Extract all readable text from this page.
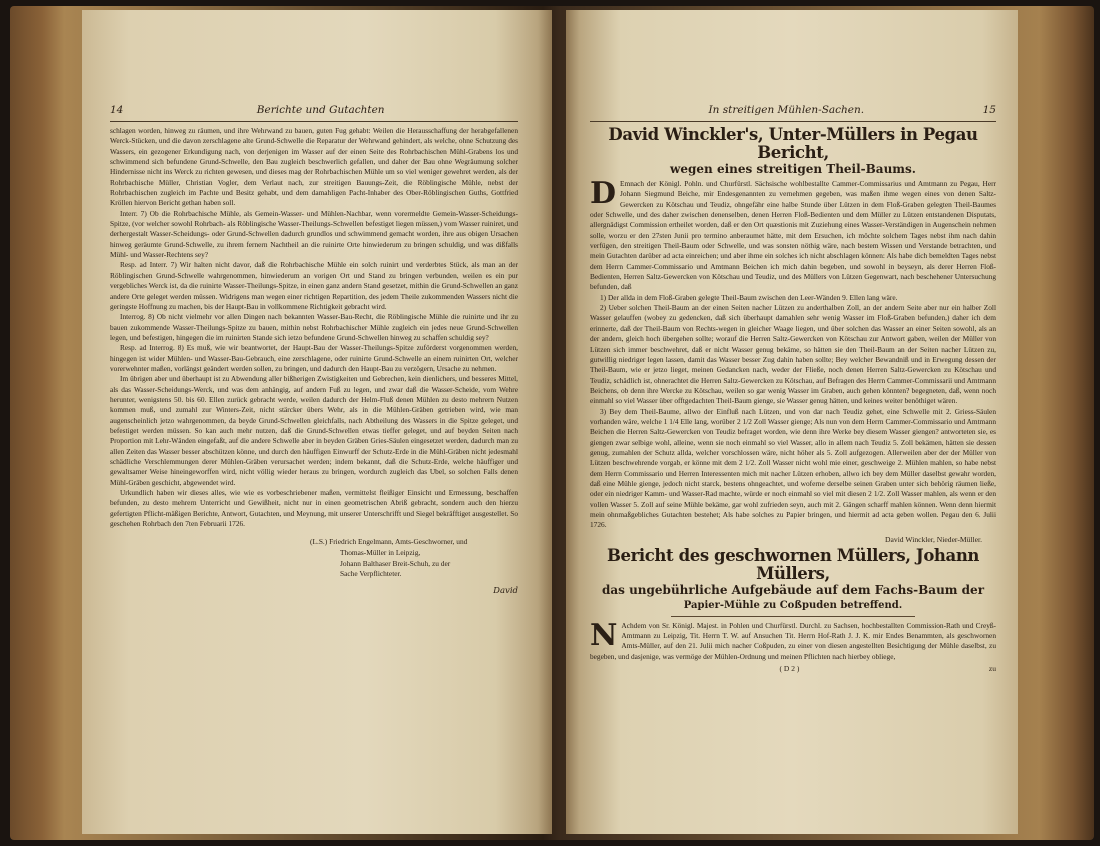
14	Berichte und Gutachten

schlagen worden, hinweg zu räumen, und ihre Wehrwand zu bauen, guten Fug gehabt: Weilen die Herausschaffung der herabgefallenen Werck-Stücken, und die davon zerschlagene alte Grund-Schwelle die Reparatur der Wehrwand gehindert, als welche, ohne Schutzung des Wassers, ein gezogener Erkundigung nach, von derjenigen im Wasser auf der einen Seite des Rohrbachischen Mühl-Grabens los und schwimmend sich befundene Grund-Schwelle, den Bau zugleich beschwerlich gefallen, und daher der Bau ohne Wegräumung solcher Hindernisse nicht ins Werck zu richten gewesen, und dieses mag der Rohrbachischen Mühle um so viel weniger gewehret werden, als der Rohrbachische Müller, Christian Vogler, dem Verlaut nach, zur streitigen Bauungs-Zeit, die Röblingische Mühle, nebst der Rohrbachischen zugleich im Pachte und Besitz gehabt, und dem damahligen Pacht-Inhaber des Ober-Röblingischen Guths, Gottfried Kröllen hiervon Bericht gethan haben soll.

Interr. 7) Ob die Rohrbachische Mühle, als Gemein-Wasser- und Mühlen-Nachbar, wenn vorermeldte Gemein-Wasser-Scheidungs-Spitze, (vor welcher sowohl Rohrbach- als Röblingische Wasser-Theilungs-Schwellen befestiget liegen müssen,) vom Wasser ruiniret, und derhergestalt Wasser-Scheidungs- oder Grund-Schwellen dadurch grundlos und schwimmend gemacht worden, ihre aus obigen Ursachen hinweg geräumte Grund-Schwelle, zu ihrem fernern Nachtheil an die ruinirte Orte hinwiederum zu bringen schuldig, und was dißfalls Mühl- und Wasser-Rechtens sey?

Resp. ad Interr. 7) Wir halten nicht davor, daß die Rohrbachische Mühle ein solch ruinirt und verderbtes Stück, als man an der Röblingischen Grund-Schwelle wahrgenommen, hinwiederum an vorigen Ort und Stand zu bringen verbunden, weilen es ein pur vergebliches Werck ist, da die ruinirte Wasser-Theilungs-Spitze, in einen ganz andern Stand gesetzet, mithin die Grund-Schwellen an ganz andere Orte geleget werden müssen. Widrigens man wegen einer richtigen Repartition, des jedem Theile zukommenden Wassers nicht die geringste Hoffnung zu machen, bis der Haupt-Bau in vollkommene Richtigkeit gebracht wird.

Interrog. 8) Ob nicht vielmehr vor allen Dingen nach bekannten Wasser-Bau-Recht, die Röblingische Mühle die ruinirte und ihr zu bauen zukommende Wasser-Theilungs-Spitze zu bauen, mithin nebst Rohrbachischer Mühle zugleich ein jedes neue Grund-Schwellen legen, und befestigen, hingegen die im ruinirten Stande sich ietzo befundene Grund-Schwellen hinweg zu schaffen schuldig sey?

Resp. ad Interrog. 8) Es muß, wie wir beantwortet, der Haupt-Bau der Wasser-Theilungs-Spitze zuförderst vorgenommen werden, hingegen ist wider Mühlen- und Wasser-Bau-Gebrauch, eine zerschlagene, oder ruinirte Grund-Schwelle an einem ruinirten Ort, welcher vorerwehnter maßen, vorlängst geändert werden sollen, zu bringen, und dadurch den Haupt-Bau zu verzögern, Ursache zu nehmen.

Im übrigen aber und überhaupt ist zu Abwendung aller bißherigen Zwistigkeiten und Gebrechen, kein dienlichers, und besseres Mittel, als das Wasser-Scheidungs-Werck, und was dem anhängig, auf andern Fuß zu legen, und zwar daß die Wasser-Scheide, vom Wehre herunter, wenigstens 50. bis 60. Ellen zurück gebracht werde, weilen dadurch der Helm-Fluß denen Mühlen zu desto mehrern Nutzen kommen muß, und zumahl zur Winters-Zeit, nicht stärcker übers Wehr, als in die Mühlen-Gräben getrieben wird, wie man augenscheinlich jetzo wahrgenommen, da beyde Grund-Schwellen gleichfalls, nach Abtheilung des Wassers in die Spitze geleget, und befestiget werden müssen. So kan auch mehr nutzen, daß die Grund-Schwellen etwas tieffer geleget, und auf beyden Seiten nach Proportion mit Lehr-Wänden eingefaßt, auf die andere Schwelle aber in beyden Gräben Gries-Säulen eingesetzet werden, dadurch man zu allen Zeiten das Wasser besser abschützen könne, und durch den häuffigen Einwurff der Schutz-Erde in die Mühl-Gräben nicht jedesmahl schädliche Verschlemmungen derer Mühlen-Gräben verursachet werden; indem bekannt, daß die Schutz-Erde, welche häuffiger und gewaltsamer Weise hineingeworffen wird, nicht völlig wieder heraus zu bringen, wordurch zugleich das Ubel, so solchen Falls denen Mühl-Gräben geschicht, abgewendet wird.

Urkundlich haben wir dieses alles, wie wie es vorbeschriebener maßen, vermittelst fleißiger Einsicht und Ermessung, beschaffen befunden, zu desto mehrern Unterricht und Gewißheit, nicht nur in einen geometrischen Abriß gebracht, sondern auch den hierzu gefertigten Pflicht-mäßigen Berichte, Antwort, Gutachten, und Meynung, mit unserer Unterschrifft und Siegel bekräfftiget ausgestellet. So geschehen Rohrbach den 7ten Februarii 1726.

(L.S.) Friedrich Engelmann, Amts-Geschworner, und
Thomas-Müller in Leipzig,
Johann Balthaser Breit-Schuh, zu der
Sache Verpflichteter.
David
In streitigen Mühlen-Sachen.	15
David Winckler's, Unter-Müllers in Pegau Bericht,
wegen eines streitigen Theil-Baums.

D Emnach der Königl. Pohln. und Churfürstl. Sächsische wohlbestallte Cammer-Commissarius und Amtmann zu Pegau, Herr Johann Siegmund Beiche, mir Endesgenannten zu vernehmen gegeben, was maßen ihme wegen eines von denen Saltz-Gewercken zu Kötschau und Teudiz, ohngefähr eine halbe Stunde über Lützen in dem Floß-Graben gelegten Theil-Baumes oder Schwelle, und des daher zwischen denenselben, denen Herren Floß-Bedienten und dem Müller zu Lützen entstandenen Disputats, allergnädigst Commission ertheilet worden, daß er den Ort quæstionis mit Zuziehung eines Wasser-Verständigen in Augenschein nehmen solle, worzu er den 27sten Junii pro termino anberaumet hätte, mit dem Ersuchen, ich möchte solchem Tages nebst ihm nach dahin verfügen, den streitigen Theil-Baum oder Schwelle, und was sonsten nöthig wäre, nach bestem Wissen und Verstande betrachten, und mein Gutachten darüber ad acta einreichen; und aber ihme ein solches ich nicht abschlagen können: Als habe dich bemeldten Tages nebst dem Herrn Cammer-Commissario und Amtmann Beichen ich mich dahin begeben, und sowohl in beyseyn, als derer Herren Floß-Bedienten, Herren Saltz-Gewercken von Kötschau und Teudiz, und des Müllers von Lützen Gegenwart, nach beschehener Untersuchung befunden, daß

1) Der allda in dem Floß-Graben gelegte Theil-Baum zwischen den Leer-Wänden 9. Ellen lang wäre.

2) Ueber solchen Theil-Baum an der einen Seiten nacher Lützen zu anderthalben Zoll, an der andern Seite aber nur ein halber Zoll Wasser gelauffen (wobey zu gedencken, daß sich überhaupt damahlen sehr wenig Wasser im Floß-Graben befunden,) daher ich dem erinnerte, daß der Theil-Baum von Rechts-wegen in gleicher Waage liegen, und über solchen das Wasser an einer Seiten sowohl, als an der andern, gleich hoch übergehen sollte; worauf die Herren Saltz-Gewercken von Kötschau zur Antwort gaben, weilen der Müller von Lützen sich immer beschwehret, daß er nicht Wasser genug bekäme, so hätten sie den Theil-Baum an der Seiten nacher Lützen zu, gutwillig niedriger legen lassen, damit das Wasser besser Zug dahin haben sollte; Bey welcher Bewandniß und in Erwegung dessen der Theil-Baum, wie er jetzo lieget, meinen Gedancken nach, weder der Fließe, noch denen Herren Saltz-Gewercken zu Kötschau und Teudiz, schädlich ist, ohnerachtet die Herren Saltz-Gewercken zu Kötschau, auf Befragen des Herrn Cammer-Commissarii und Amtmann Beichens, ob denn ihre Wercke zu Kötschau, weilen so gar wenig Wasser im Graben, auch gehen könnten? begegneten, daß, wenn noch einmahl so viel Wasser über offtgedachten Theil-Baum gienge, sie Wasser genug hätten, und keines weiter benöthiget wären.

3) Bey dem Theil-Baume, allwo der Einfluß nach Lützen, und von dar nach Teudiz gehet, eine Schwelle mit 2. Griess-Säulen vorhanden wäre, welche 1 1/4 Elle lang, worüber 2 1/2 Zoll Wasser gienge; Als nun von dem Herrn Cammer-Commissario und Amtmann Beichen die Herren Saltz-Gewercken von Teudiz befraget worden, wie denn ihre Werke bey diesem Wasser giengen? antworteten sie, es giengen zwar selbige wohl, alleine, wenn sie noch einmahl so viel Wasser, allo in allem nach Teudiz 5. Zoll bekämen, hätten sie dessen genug, zumahlen der Schutz allda, welcher vorschlossen wäre, nicht höher als 5. Zoll aufgezogen. Allerweilen aber der der Müller von Lützen beschwehrende vorgab, er könne mit dem 2 1/2. Zoll Wasser nicht wohl mie einer, geschweige 2. Mühlen mahlen, so habe nebst dem Herrn Commissario und Herren Interessenten mich mit nacher Lützen erhoben, allwo ich bey dem Müller daselbst gewahr worden, daß eine Mühle gienge, jedoch nicht starck, bestens ohngeachtet, und woferne derselbe seinen Graben unter sich behörig räumen ließe, oder ein niedriger Kamm- und Wasser-Rad machte, würde er noch einmahl so viel mit diesen 2 1/2. Zoll Wasser mahlen, als wenn er den vollen Wasser 5. Zoll auf seine Mühle bekäme, gar wohl zufrieden seyn, auch mit 2. Gängen scharff mahlen können. Wenn denn hiermit mein ohnmaßgebliches Gutachten bestehet; Als habe solches zu Papier bringen, und hiermit ad acta geben wollen. Pegau den 6. Julii 1726.

David Winckler, Nieder-Müller.
Bericht des geschwornen Müllers, Johann Müllers,
das ungebührliche Aufgebäude auf dem Fachs-Baum der
Papier-Mühle zu Coßpuden betreffend.

N Achdem von Sr. Königl. Majest. in Pohlen und Churfürstl. Durchl. zu Sachsen, hochbestallten Commission-Rath und Creyß-Amtmann zu Leipzig, Tit. Herrn T. W. auf Ansuchen Tit. Herrn Hof-Rath J. J. K. mir Endes Benammten, als geschwornen Amts-Müller, auf den 21. Julii mich nacher Coßpuden, zu einer von diesen angestellten Besichtigung der Mühle daselbst, zu begeben, und dasjenige, was vermöge der Mühlen-Ordnung und meinen Pflichten nach hierbey obliege,

( D 2 )	zu
